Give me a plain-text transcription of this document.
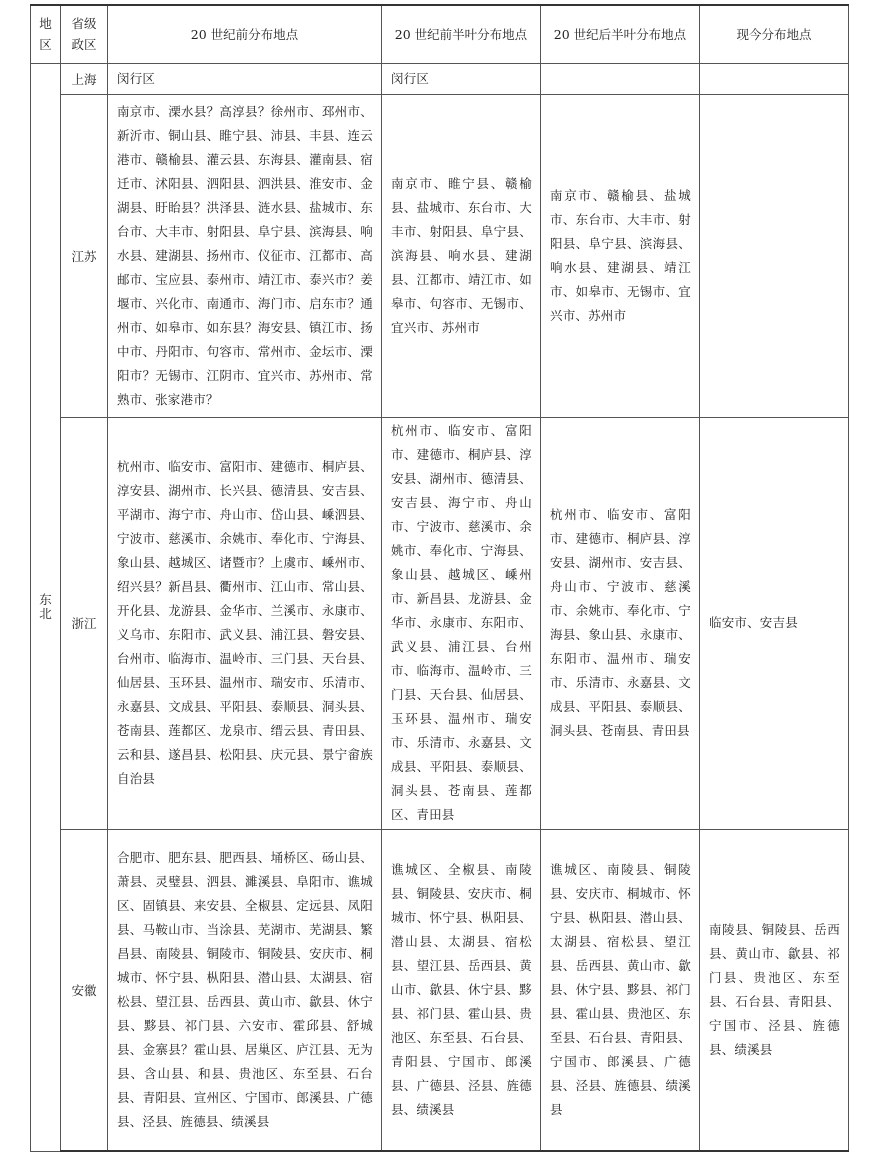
地区	省级政区	20 世纪前分布地点	20 世纪前半叶分布地点	20 世纪后半叶分布地点	现今分布地点

东北	上海	闵行区	闵行区		
	江苏	南京市、溧水县？高淳县？徐州市、邳州市、新沂市、铜山县、睢宁县、沛县、丰县、连云港市、赣榆县、灌云县、东海县、灌南县、宿迁市、沭阳县、泗阳县、泗洪县、淮安市、金湖县、盱眙县？洪泽县、涟水县、盐城市、东台市、大丰市、射阳县、阜宁县、滨海县、响水县、建湖县、扬州市、仪征市、江都市、高邮市、宝应县、泰州市、靖江市、泰兴市？姜堰市、兴化市、南通市、海门市、启东市？通州市、如皋市、如东县？海安县、镇江市、扬中市、丹阳市、句容市、常州市、金坛市、溧阳市？无锡市、江阴市、宜兴市、苏州市、常熟市、张家港市？	南京市、睢宁县、赣榆县、盐城市、东台市、大丰市、射阳县、阜宁县、滨海县、响水县、建湖县、江都市、靖江市、如皋市、句容市、无锡市、宜兴市、苏州市	南京市、赣榆县、盐城市、东台市、大丰市、射阳县、阜宁县、滨海县、响水县、建湖县、靖江市、如皋市、无锡市、宜兴市、苏州市	
	浙江	杭州市、临安市、富阳市、建德市、桐庐县、淳安县、湖州市、长兴县、德清县、安吉县、平湖市、海宁市、舟山市、岱山县、嵊泗县、宁波市、慈溪市、余姚市、奉化市、宁海县、象山县、越城区、诸暨市？上虞市、嵊州市、绍兴县？新昌县、衢州市、江山市、常山县、开化县、龙游县、金华市、兰溪市、永康市、义乌市、东阳市、武义县、浦江县、磐安县、台州市、临海市、温岭市、三门县、天台县、仙居县、玉环县、温州市、瑞安市、乐清市、永嘉县、文成县、平阳县、泰顺县、洞头县、苍南县、莲都区、龙泉市、缙云县、青田县、云和县、遂昌县、松阳县、庆元县、景宁畲族自治县	杭州市、临安市、富阳市、建德市、桐庐县、淳安县、湖州市、德清县、安吉县、海宁市、舟山市、宁波市、慈溪市、余姚市、奉化市、宁海县、象山县、越城区、嵊州市、新昌县、龙游县、金华市、永康市、东阳市、武义县、浦江县、台州市、临海市、温岭市、三门县、天台县、仙居县、玉环县、温州市、瑞安市、乐清市、永嘉县、文成县、平阳县、泰顺县、洞头县、苍南县、莲都区、青田县	杭州市、临安市、富阳市、建德市、桐庐县、淳安县、湖州市、安吉县、舟山市、宁波市、慈溪市、余姚市、奉化市、宁海县、象山县、永康市、东阳市、温州市、瑞安市、乐清市、永嘉县、文成县、平阳县、泰顺县、洞头县、苍南县、青田县	临安市、安吉县
	安徽	合肥市、肥东县、肥西县、埇桥区、砀山县、萧县、灵璧县、泗县、濉溪县、阜阳市、谯城区、固镇县、来安县、全椒县、定远县、凤阳县、马鞍山市、当涂县、芜湖市、芜湖县、繁昌县、南陵县、铜陵市、铜陵县、安庆市、桐城市、怀宁县、枞阳县、潜山县、太湖县、宿松县、望江县、岳西县、黄山市、歙县、休宁县、黟县、祁门县、六安市、霍邱县、舒城县、金寨县？霍山县、居巢区、庐江县、无为县、含山县、和县、贵池区、东至县、石台县、青阳县、宣州区、宁国市、郎溪县、广德县、泾县、旌德县、绩溪县	谯城区、全椒县、南陵县、铜陵县、安庆市、桐城市、怀宁县、枞阳县、潜山县、太湖县、宿松县、望江县、岳西县、黄山市、歙县、休宁县、黟县、祁门县、霍山县、贵池区、东至县、石台县、青阳县、宁国市、郎溪县、广德县、泾县、旌德县、绩溪县	谯城区、南陵县、铜陵县、安庆市、桐城市、怀宁县、枞阳县、潜山县、太湖县、宿松县、望江县、岳西县、黄山市、歙县、休宁县、黟县、祁门县、霍山县、贵池区、东至县、石台县、青阳县、宁国市、郎溪县、广德县、泾县、旌德县、绩溪县	南陵县、铜陵县、岳西县、黄山市、歙县、祁门县、贵池区、东至县、石台县、青阳县、宁国市、泾县、旌德县、绩溪县
